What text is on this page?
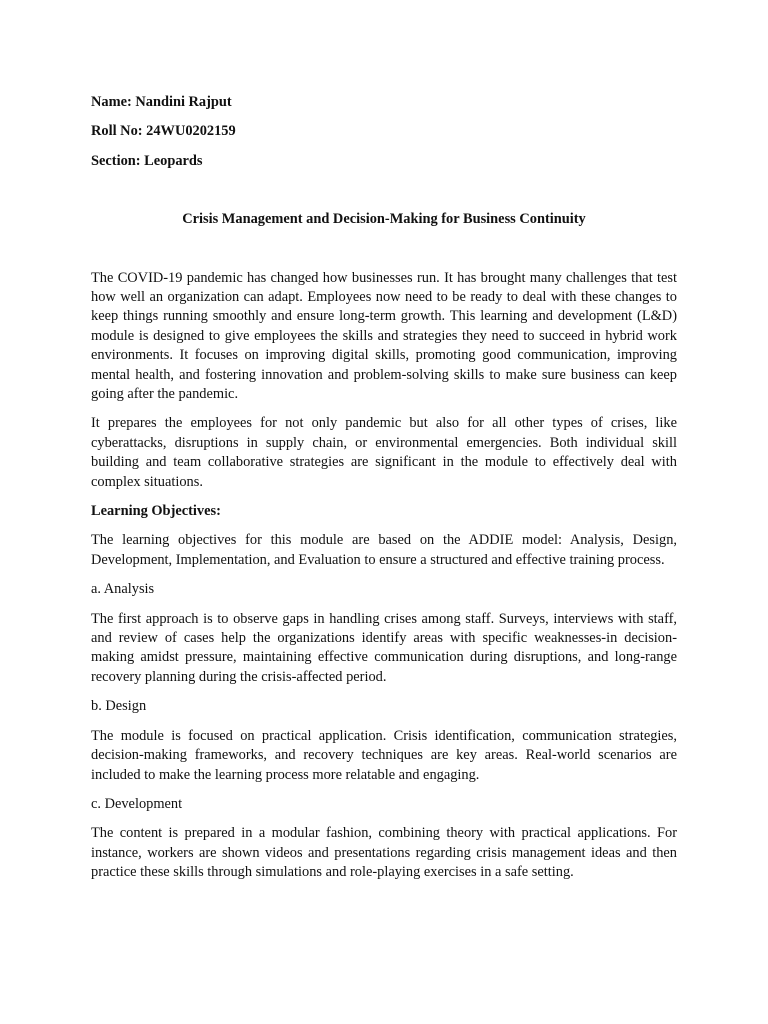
Name: Nandini Rajput

Roll No: 24WU0202159

Section: Leopards

Crisis Management and Decision-Making for Business Continuity

The COVID-19 pandemic has changed how businesses run. It has brought many challenges that test how well an organization can adapt. Employees now need to be ready to deal with these changes to keep things running smoothly and ensure long-term growth. This learning and development (L&D) module is designed to give employees the skills and strategies they need to succeed in hybrid work environments. It focuses on improving digital skills, promoting good communication, improving mental health, and fostering innovation and problem-solving skills to make sure business can keep going after the pandemic.

It prepares the employees for not only pandemic but also for all other types of crises, like cyberattacks, disruptions in supply chain, or environmental emergencies. Both individual skill building and team collaborative strategies are significant in the module to effectively deal with complex situations.

Learning Objectives:

The learning objectives for this module are based on the ADDIE model: Analysis, Design, Development, Implementation, and Evaluation to ensure a structured and effective training process.

a. Analysis

The first approach is to observe gaps in handling crises among staff. Surveys, interviews with staff, and review of cases help the organizations identify areas with specific weaknesses-in decision-making amidst pressure, maintaining effective communication during disruptions, and long-range recovery planning during the crisis-affected period.

b. Design

The module is focused on practical application. Crisis identification, communication strategies, decision-making frameworks, and recovery techniques are key areas. Real-world scenarios are included to make the learning process more relatable and engaging.

c. Development

The content is prepared in a modular fashion, combining theory with practical applications. For instance, workers are shown videos and presentations regarding crisis management ideas and then practice these skills through simulations and role-playing exercises in a safe setting.
